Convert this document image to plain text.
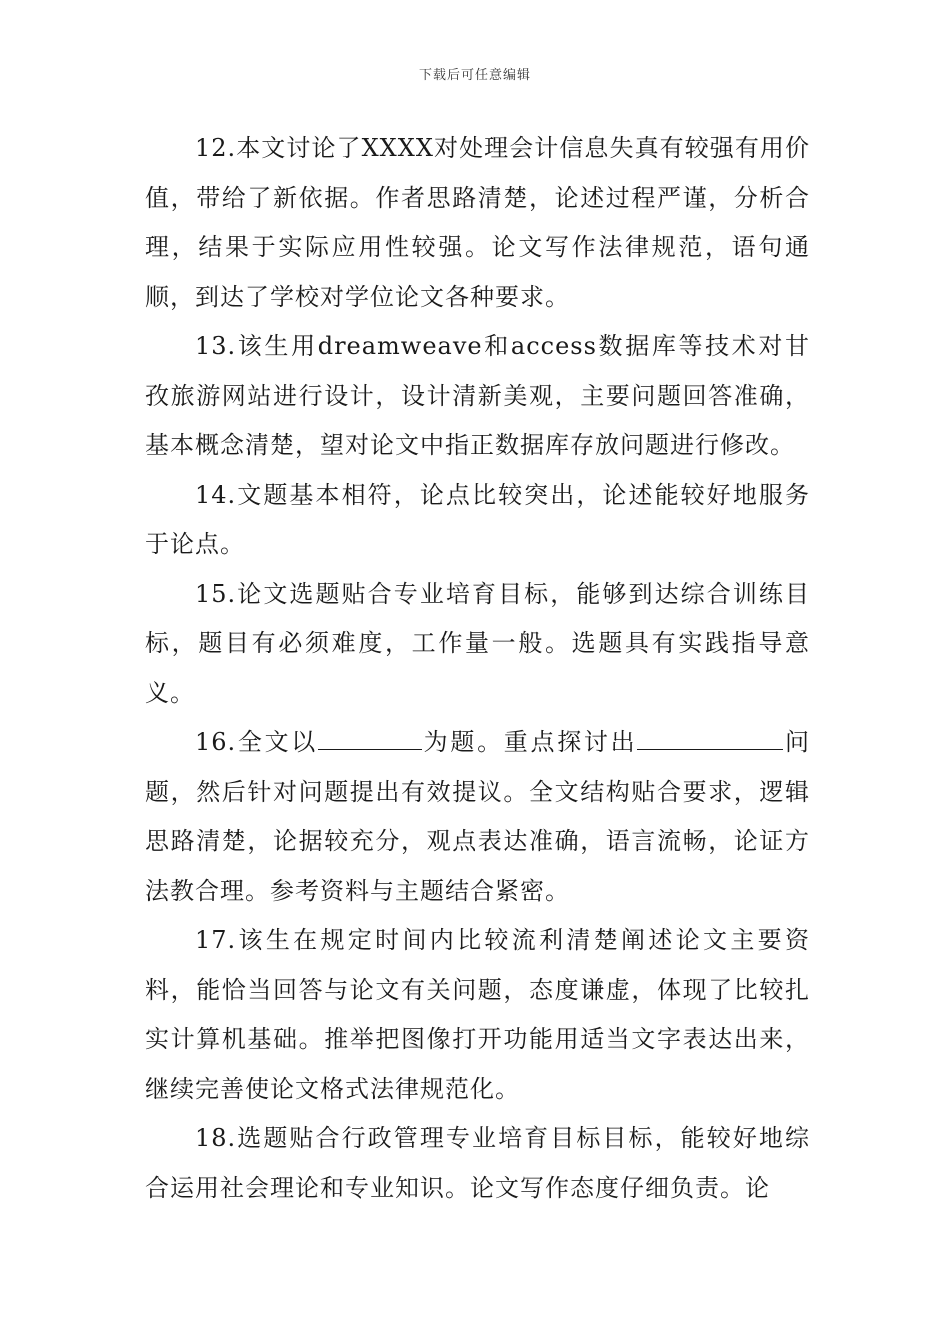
下载后可任意编辑

12.本文讨论了XXXX对处理会计信息失真有较强有用价值，带给了新依据。作者思路清楚，论述过程严谨，分析合理，结果于实际应用性较强。论文写作法律规范，语句通顺，到达了学校对学位论文各种要求。

13.该生用dreamweave和access数据库等技术对甘孜旅游网站进行设计，设计清新美观，主要问题回答准确，基本概念清楚，望对论文中指正数据库存放问题进行修改。

14.文题基本相符，论点比较突出，论述能较好地服务于论点。

15.论文选题贴合专业培育目标，能够到达综合训练目标，题目有必须难度，工作量一般。选题具有实践指导意义。

16.全文以	为题。重点探讨出	问题，然后针对问题提出有效提议。全文结构贴合要求，逻辑思路清楚，论据较充分，观点表达准确，语言流畅，论证方法教合理。参考资料与主题结合紧密。

17.该生在规定时间内比较流利清楚阐述论文主要资料，能恰当回答与论文有关问题，态度谦虚，体现了比较扎实计算机基础。推举把图像打开功能用适当文字表达出来，继续完善使论文格式法律规范化。

18.选题贴合行政管理专业培育目标目标，能较好地综合运用社会理论和专业知识。论文写作态度仔细负责。论
